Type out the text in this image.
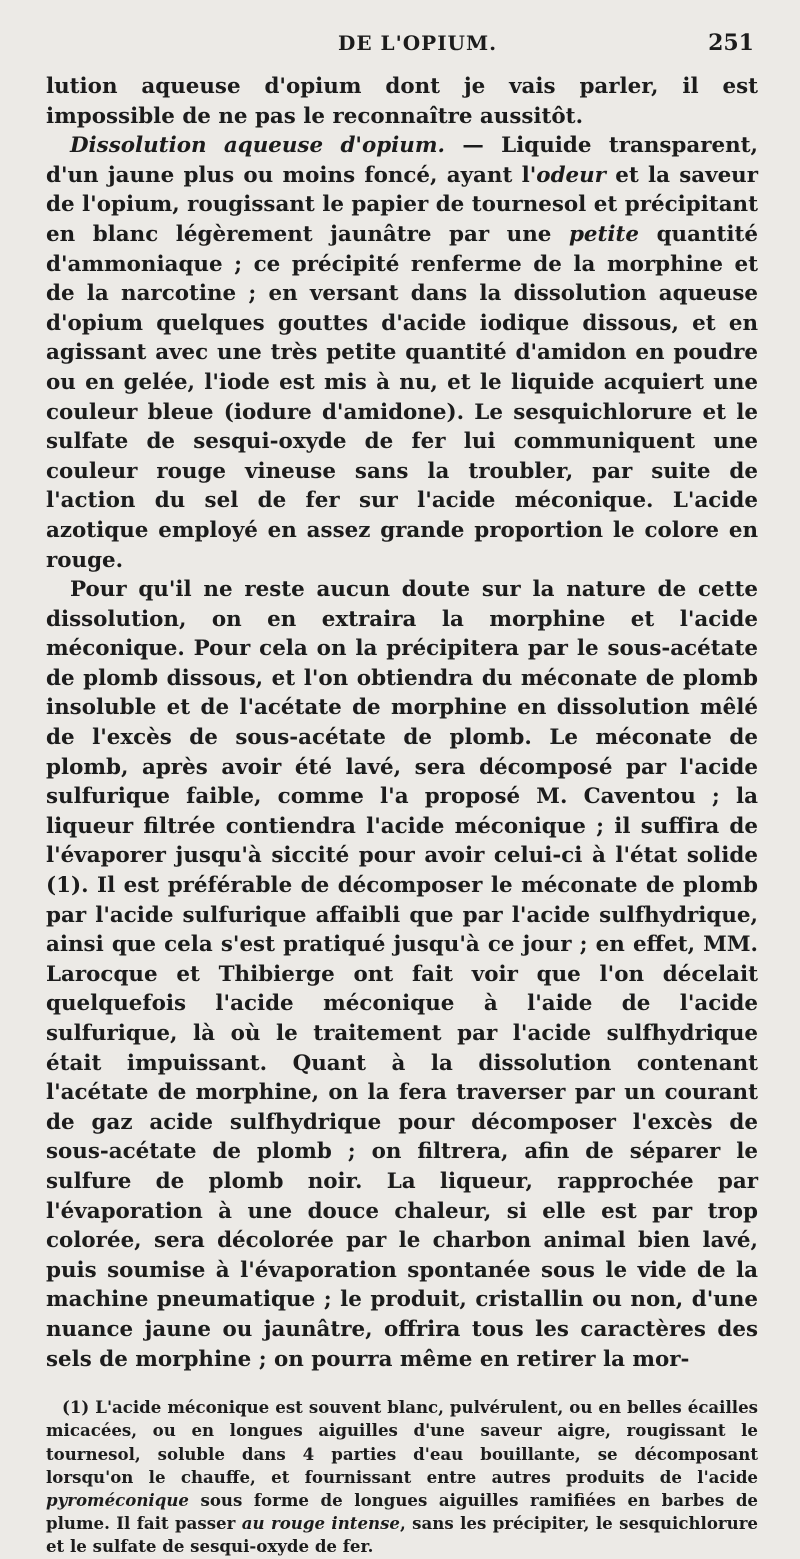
DE L'OPIUM.	251

lution aqueuse d'opium dont je vais parler, il est impossible de ne pas le reconnaître aussitôt.

Dissolution aqueuse d'opium. — Liquide transparent, d'un jaune plus ou moins foncé, ayant l'odeur et la saveur de l'opium, rougissant le papier de tournesol et précipitant en blanc légèrement jaunâtre par une petite quantité d'ammoniaque ; ce précipité renferme de la morphine et de la narcotine ; en versant dans la dissolution aqueuse d'opium quelques gouttes d'acide iodique dissous, et en agissant avec une très petite quantité d'amidon en poudre ou en gelée, l'iode est mis à nu, et le liquide acquiert une couleur bleue (iodure d'amidone). Le sesquichlorure et le sulfate de sesqui-oxyde de fer lui communiquent une couleur rouge vineuse sans la troubler, par suite de l'action du sel de fer sur l'acide méconique. L'acide azotique employé en assez grande proportion le colore en rouge.

Pour qu'il ne reste aucun doute sur la nature de cette dissolution, on en extraira la morphine et l'acide méconique. Pour cela on la précipitera par le sous-acétate de plomb dissous, et l'on obtiendra du méconate de plomb insoluble et de l'acétate de morphine en dissolution mêlé de l'excès de sous-acétate de plomb. Le méconate de plomb, après avoir été lavé, sera décomposé par l'acide sulfurique faible, comme l'a proposé M. Caventou ; la liqueur filtrée contiendra l'acide méconique ; il suffira de l'évaporer jusqu'à siccité pour avoir celui-ci à l'état solide (1). Il est préférable de décomposer le méconate de plomb par l'acide sulfurique affaibli que par l'acide sulfhydrique, ainsi que cela s'est pratiqué jusqu'à ce jour ; en effet, MM. Larocque et Thibierge ont fait voir que l'on décelait quelquefois l'acide méconique à l'aide de l'acide sulfurique, là où le traitement par l'acide sulfhydrique était impuissant. Quant à la dissolution contenant l'acétate de morphine, on la fera traverser par un courant de gaz acide sulfhydrique pour décomposer l'excès de sous-acétate de plomb ; on filtrera, afin de séparer le sulfure de plomb noir. La liqueur, rapprochée par l'évaporation à une douce chaleur, si elle est par trop colorée, sera décolorée par le charbon animal bien lavé, puis soumise à l'évaporation spontanée sous le vide de la machine pneumatique ; le produit, cristallin ou non, d'une nuance jaune ou jaunâtre, offrira tous les caractères des sels de morphine ; on pourra même en retirer la mor-

(1) L'acide méconique est souvent blanc, pulvérulent, ou en belles écailles micacées, ou en longues aiguilles d'une saveur aigre, rougissant le tournesol, soluble dans 4 parties d'eau bouillante, se décomposant lorsqu'on le chauffe, et fournissant entre autres produits de l'acide pyroméconique sous forme de longues aiguilles ramifiées en barbes de plume. Il fait passer au rouge intense, sans les précipiter, le sesquichlorure et le sulfate de sesqui-oxyde de fer.
